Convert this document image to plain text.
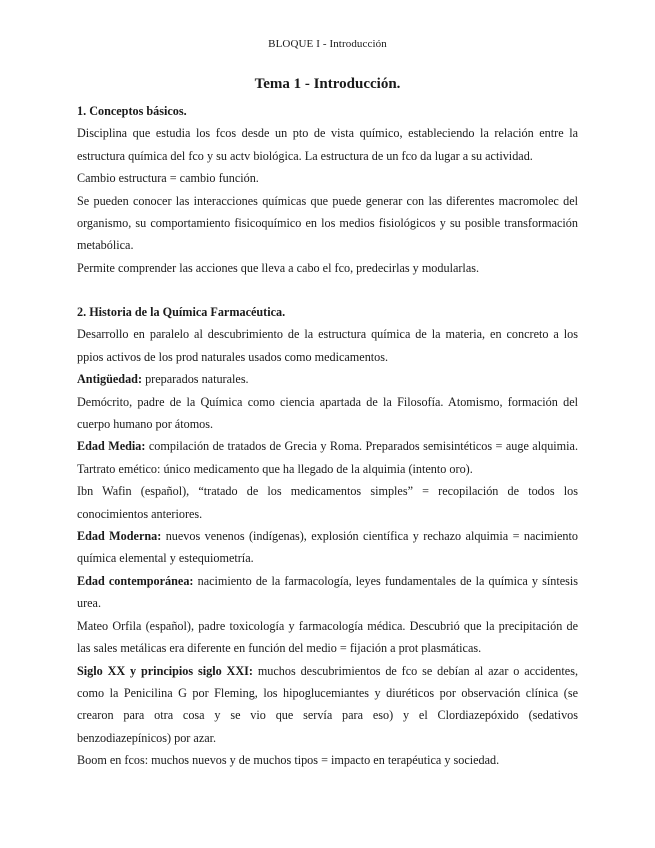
BLOQUE I - Introducción
Tema 1 - Introducción.

1. Conceptos básicos.

Disciplina que estudia los fcos desde un pto de vista químico, estableciendo la relación entre la estructura química del fco y su actv biológica. La estructura de un fco da lugar a su actividad.

Cambio estructura = cambio función.

Se pueden conocer las interacciones químicas que puede generar con las diferentes macromolec del organismo, su comportamiento fisicoquímico en los medios fisiológicos y su posible transformación metabólica.

Permite comprender las acciones que lleva a cabo el fco, predecirlas y modularlas.

2. Historia de la Química Farmacéutica.

Desarrollo en paralelo al descubrimiento de la estructura química de la materia, en concreto a los ppios activos de los prod naturales usados como medicamentos.

Antigüedad: preparados naturales.

Demócrito, padre de la Química como ciencia apartada de la Filosofía. Atomismo, formación del cuerpo humano por átomos.

Edad Media: compilación de tratados de Grecia y Roma. Preparados semisintéticos = auge alquimia. Tartrato emético: único medicamento que ha llegado de la alquimia (intento oro).

Ibn Wafin (español), “tratado de los medicamentos simples” = recopilación de todos los conocimientos anteriores.

Edad Moderna: nuevos venenos (indígenas), explosión científica y rechazo alquimia = nacimiento química elemental y estequiometría.

Edad contemporánea: nacimiento de la farmacología, leyes fundamentales de la química y síntesis urea.

Mateo Orfila (español), padre toxicología y farmacología médica. Descubrió que la precipitación de las sales metálicas era diferente en función del medio = fijación a prot plasmáticas.

Siglo XX y principios siglo XXI: muchos descubrimientos de fco se debían al azar o accidentes, como la Penicilina G por Fleming, los hipoglucemiantes y diuréticos por observación clínica (se crearon para otra cosa y se vio que servía para eso) y el Clordiazepóxido (sedativos benzodiazepínicos) por azar.

Boom en fcos: muchos nuevos y de muchos tipos = impacto en terapéutica y sociedad.
